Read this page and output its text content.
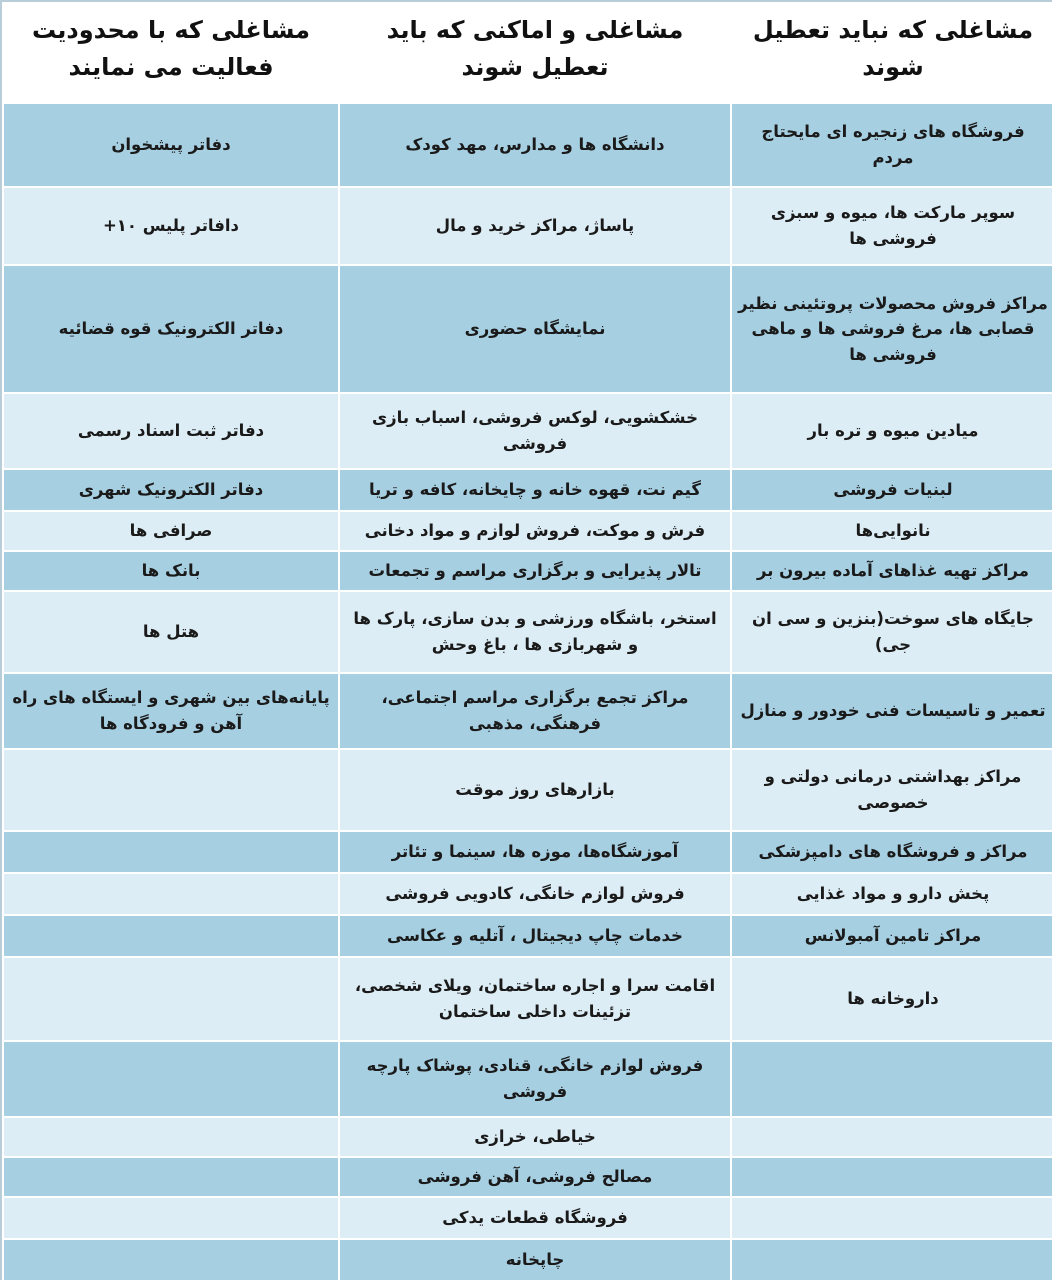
مشاغلی که نباید تعطیل شوند	مشاغلی و اماکنی که باید تعطیل شوند	مشاغلی که با محدودیت فعالیت می نمایند
فروشگاه های زنجیره ای مایحتاج مردم	دانشگاه ها و مدارس، مهد کودک	دفاتر پیشخوان
سوپر مارکت ها، میوه و سبزی فروشی ها	پاساژ، مراکز خرید و مال	دافاتر پلیس ۱۰+
مراکز فروش محصولات پروتئینی نظیر قصابی ها، مرغ فروشی ها و ماهی فروشی ها	نمایشگاه حضوری	دفاتر الکترونیک قوه قضائیه
میادین میوه و تره بار	خشکشویی، لوکس فروشی، اسباب بازی فروشی	دفاتر ثبت اسناد رسمی
لبنیات فروشی	گیم نت، قهوه خانه و چایخانه، کافه و تریا	دفاتر الکترونیک شهری
نانوایی‌ها	فرش و موکت، فروش لوازم و مواد دخانی	صرافی ها
مراکز تهیه غذاهای آماده بیرون بر	تالار پذیرایی و برگزاری مراسم و تجمعات	بانک ها
جایگاه های سوخت(بنزین و سی ان جی)	استخر، باشگاه ورزشی و بدن سازی، پارک ها و شهربازی ها ، باغ وحش	هتل ها
تعمیر و تاسیسات فنی خودور و منازل	مراکز تجمع برگزاری مراسم اجتماعی، فرهنگی، مذهبی	پایانه‌های بین شهری و ایستگاه های راه آهن و فرودگاه ها
مراکز بهداشتی درمانی دولتی و خصوصی	بازارهای روز موقت	
مراکز و فروشگاه های دامپزشکی	آموزشگاه‌ها، موزه ها، سینما و تئاتر	
پخش دارو و مواد غذایی	فروش لوازم خانگی، کادویی فروشی	
مراکز تامین آمبولانس	خدمات چاپ دیجیتال ، آتلیه و عکاسی	
داروخانه ها	اقامت سرا و اجاره ساختمان، ویلای شخصی، تزئینات داخلی ساختمان	
	فروش لوازم خانگی، قنادی، پوشاک پارچه فروشی	
	خیاطی، خرازی	
	مصالح فروشی، آهن فروشی	
	فروشگاه قطعات یدکی	
	چاپخانه	
